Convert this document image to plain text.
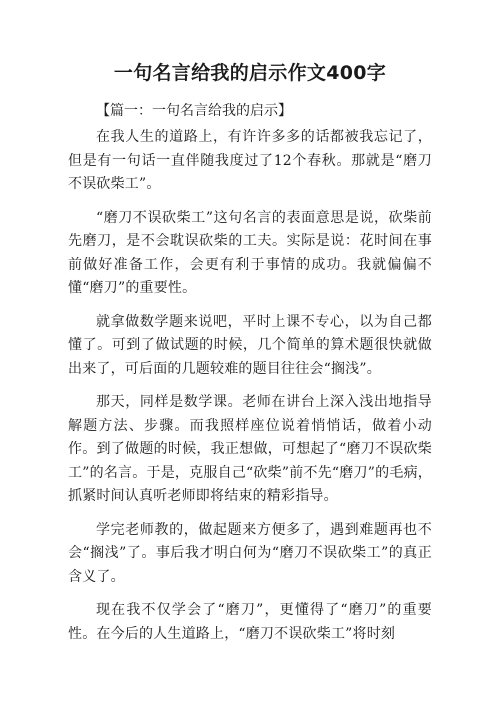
一句名言给我的启示作文400字
【篇一：一句名言给我的启示】

在我人生的道路上，有许许多多的话都被我忘记了，但是有一句话一直伴随我度过了12个春秋。那就是“磨刀不误砍柴工”。

“磨刀不误砍柴工”这句名言的表面意思是说，砍柴前先磨刀，是不会耽误砍柴的工夫。实际是说：花时间在事前做好准备工作，会更有利于事情的成功。我就偏偏不懂“磨刀”的重要性。

就拿做数学题来说吧，平时上课不专心，以为自己都懂了。可到了做试题的时候，几个简单的算术题很快就做出来了，可后面的几题较难的题目往往会“搁浅”。

那天，同样是数学课。老师在讲台上深入浅出地指导解题方法、步骤。而我照样座位说着悄悄话，做着小动作。到了做题的时候，我正想做，可想起了“磨刀不误砍柴工”的名言。于是，克服自己“砍柴”前不先“磨刀”的毛病，抓紧时间认真听老师即将结束的精彩指导。

学完老师教的，做起题来方便多了，遇到难题再也不会“搁浅”了。事后我才明白何为“磨刀不误砍柴工”的真正含义了。

现在我不仅学会了“磨刀”，更懂得了“磨刀”的重要性。在今后的人生道路上，“磨刀不误砍柴工”将时刻
